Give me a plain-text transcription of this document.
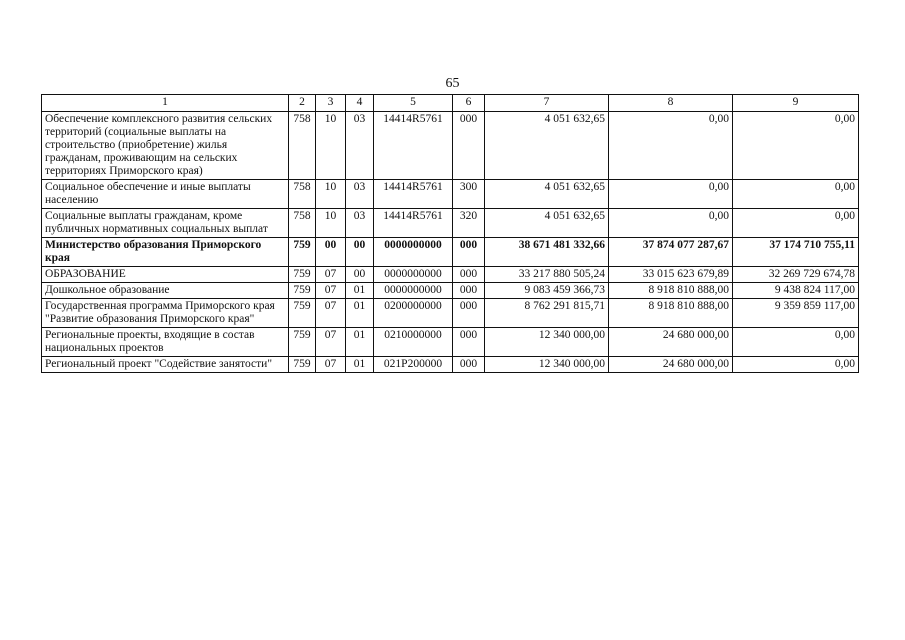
65
1	2	3	4	5	6	7	8	9
Обеспечение комплексного развития сельских территорий (социальные выплаты на строительство (приобретение) жилья гражданам, проживающим на сельских территориях Приморского края)	758	10	03	14414R5761	000	4 051 632,65	0,00	0,00
Социальное обеспечение и иные выплаты населению	758	10	03	14414R5761	300	4 051 632,65	0,00	0,00
Социальные выплаты гражданам, кроме публичных нормативных социальных выплат	758	10	03	14414R5761	320	4 051 632,65	0,00	0,00
Министерство образования Приморского края	759	00	00	0000000000	000	38 671 481 332,66	37 874 077 287,67	37 174 710 755,11
ОБРАЗОВАНИЕ	759	07	00	0000000000	000	33 217 880 505,24	33 015 623 679,89	32 269 729 674,78
Дошкольное образование	759	07	01	0000000000	000	9 083 459 366,73	8 918 810 888,00	9 438 824 117,00
Государственная программа Приморского края "Развитие образования Приморского края"	759	07	01	0200000000	000	8 762 291 815,71	8 918 810 888,00	9 359 859 117,00
Региональные проекты, входящие в состав национальных проектов	759	07	01	0210000000	000	12 340 000,00	24 680 000,00	0,00
Региональный проект "Содействие занятости"	759	07	01	021P200000	000	12 340 000,00	24 680 000,00	0,00
